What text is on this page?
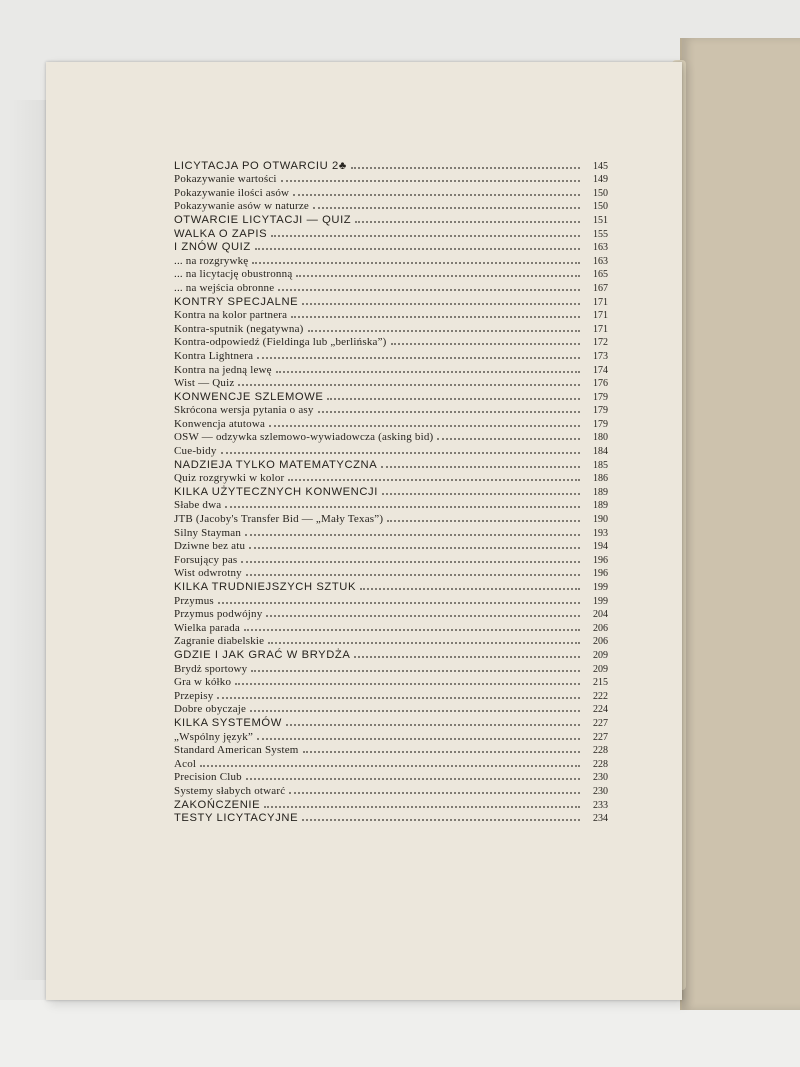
LICYTACJA PO OTWARCIU 2♣	145
Pokazywanie wartości	149
Pokazywanie ilości asów	150
Pokazywanie asów w naturze	150
OTWARCIE LICYTACJI — QUIZ	151
WALKA O ZAPIS	155
I ZNÓW QUIZ	163
... na rozgrywkę	163
... na licytację obustronną	165
... na wejścia obronne	167
KONTRY SPECJALNE	171
Kontra na kolor partnera	171
Kontra-sputnik (negatywna)	171
Kontra-odpowiedź (Fieldinga lub „berlińska”)	172
Kontra Lightnera	173
Kontra na jedną lewę	174
Wist — Quiz	176
KONWENCJE SZLEMOWE	179
Skrócona wersja pytania o asy	179
Konwencja atutowa	179
OSW — odzywka szlemowo-wywiadowcza (asking bid)	180
Cue-bidy	184
NADZIEJA TYLKO MATEMATYCZNA	185
Quiz rozgrywki w kolor	186
KILKA UŻYTECZNYCH KONWENCJI	189
Słabe dwa	189
JTB (Jacoby's Transfer Bid — „Mały Texas”)	190
Silny Stayman	193
Dziwne bez atu	194
Forsujący pas	196
Wist odwrotny	196
KILKA TRUDNIEJSZYCH SZTUK	199
Przymus	199
Przymus podwójny	204
Wielka parada	206
Zagranie diabelskie	206
GDZIE I JAK GRAĆ W BRYDŻA	209
Brydż sportowy	209
Gra w kółko	215
Przepisy	222
Dobre obyczaje	224
KILKA SYSTEMÓW	227
„Wspólny język”	227
Standard American System	228
Acol	228
Precision Club	230
Systemy słabych otwarć	230
ZAKOŃCZENIE	233
TESTY LICYTACYJNE	234
